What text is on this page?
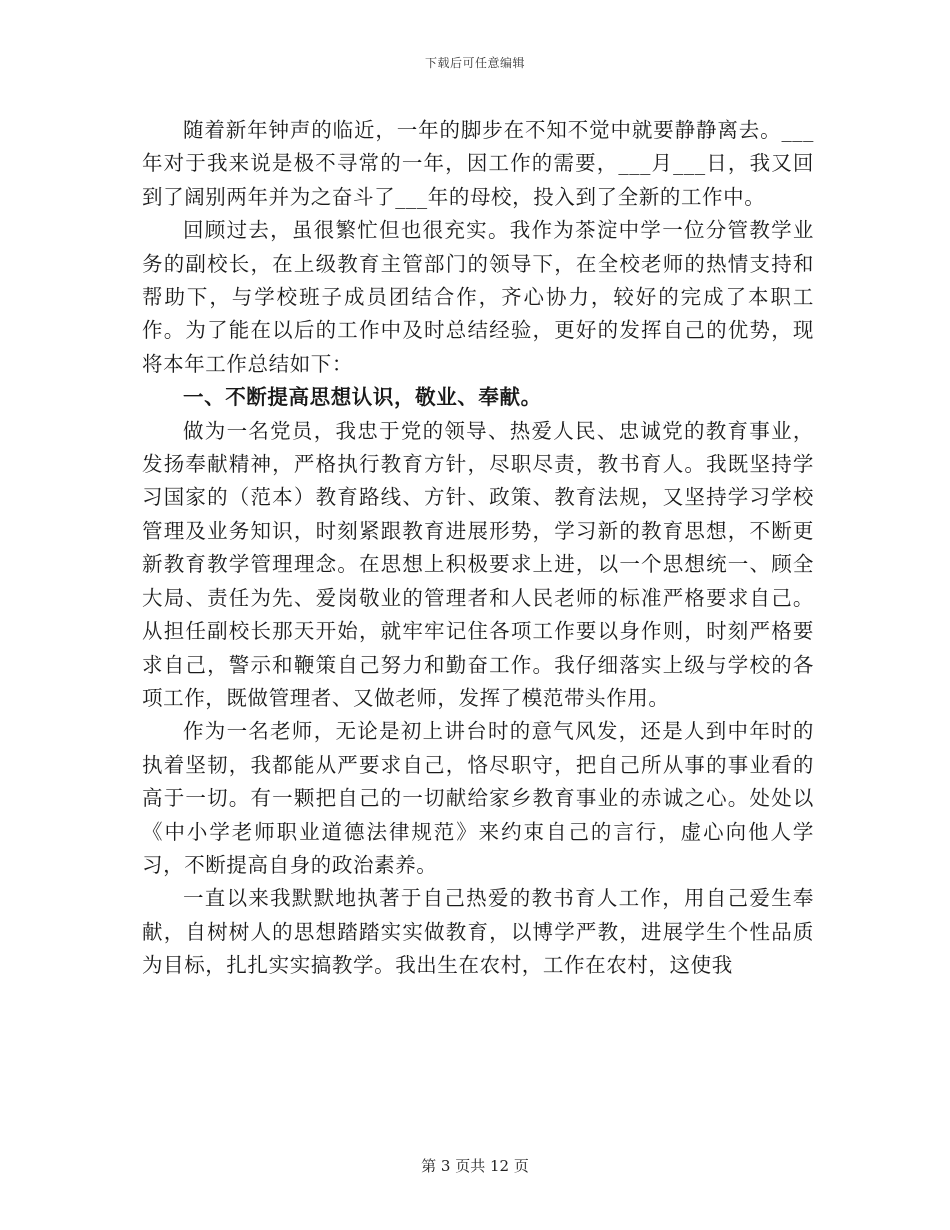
下载后可任意编辑

随着新年钟声的临近，一年的脚步在不知不觉中就要静静离去。___年对于我来说是极不寻常的一年，因工作的需要，___月___日，我又回到了阔别两年并为之奋斗了___年的母校，投入到了全新的工作中。

回顾过去，虽很繁忙但也很充实。我作为茶淀中学一位分管教学业务的副校长，在上级教育主管部门的领导下，在全校老师的热情支持和帮助下，与学校班子成员团结合作，齐心协力，较好的完成了本职工作。为了能在以后的工作中及时总结经验，更好的发挥自己的优势，现将本年工作总结如下：

一、不断提高思想认识，敬业、奉献。

做为一名党员，我忠于党的领导、热爱人民、忠诚党的教育事业，发扬奉献精神，严格执行教育方针，尽职尽责，教书育人。我既坚持学习国家的（范本）教育路线、方针、政策、教育法规，又坚持学习学校管理及业务知识，时刻紧跟教育进展形势，学习新的教育思想，不断更新教育教学管理理念。在思想上积极要求上进，以一个思想统一、顾全大局、责任为先、爱岗敬业的管理者和人民老师的标准严格要求自己。从担任副校长那天开始，就牢牢记住各项工作要以身作则，时刻严格要求自己，警示和鞭策自己努力和勤奋工作。我仔细落实上级与学校的各项工作，既做管理者、又做老师，发挥了模范带头作用。

作为一名老师，无论是初上讲台时的意气风发，还是人到中年时的执着坚韧，我都能从严要求自己，恪尽职守，把自己所从事的事业看的高于一切。有一颗把自己的一切献给家乡教育事业的赤诚之心。处处以《中小学老师职业道德法律规范》来约束自己的言行，虚心向他人学习，不断提高自身的政治素养。

一直以来我默默地执著于自己热爱的教书育人工作，用自己爱生奉献，自树树人的思想踏踏实实做教育，以博学严教，进展学生个性品质为目标，扎扎实实搞教学。我出生在农村，工作在农村，这使我

第 3 页共 12 页
